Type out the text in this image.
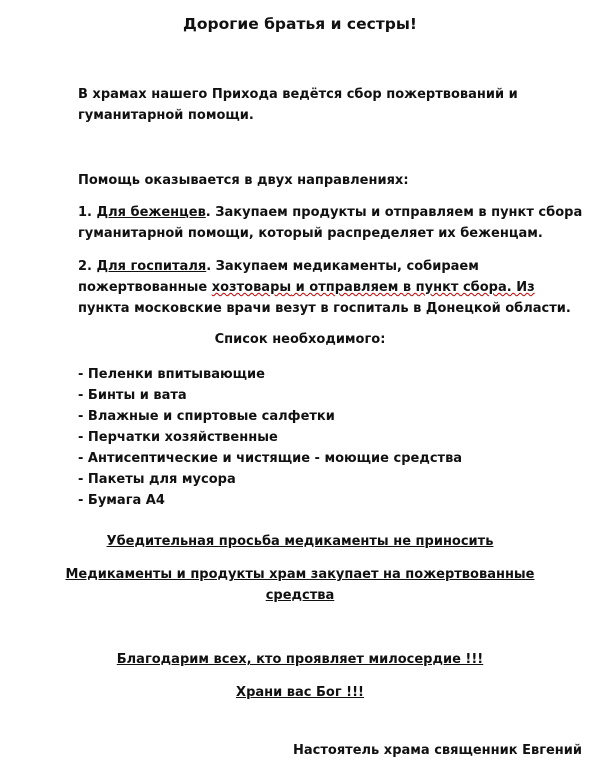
Дорогие братья и сестры!
В храмах нашего Прихода ведётся сбор пожертвований и
гуманитарной помощи.
Помощь оказывается в двух направлениях:
1. Для беженцев. Закупаем продукты и отправляем в пункт сбора
гуманитарной помощи, который распределяет их беженцам.
2. Для госпиталя. Закупаем медикаменты, собираем
пожертвованные хозтовары и отправляем в пункт сбора. Из
пункта московские врачи везут в госпиталь в Донецкой области.
Список необходимого:
- Пеленки впитывающие
- Бинты и вата
- Влажные и спиртовые салфетки
- Перчатки хозяйственные
- Антисептические и чистящие - моющие средства
- Пакеты для мусора
- Бумага А4
Убедительная просьба медикаменты не приносить
Медикаменты и продукты храм закупает на пожертвованные
средства
Благодарим всех, кто проявляет милосердие !!!
Храни вас Бог !!!
Настоятель храма священник Евгений
